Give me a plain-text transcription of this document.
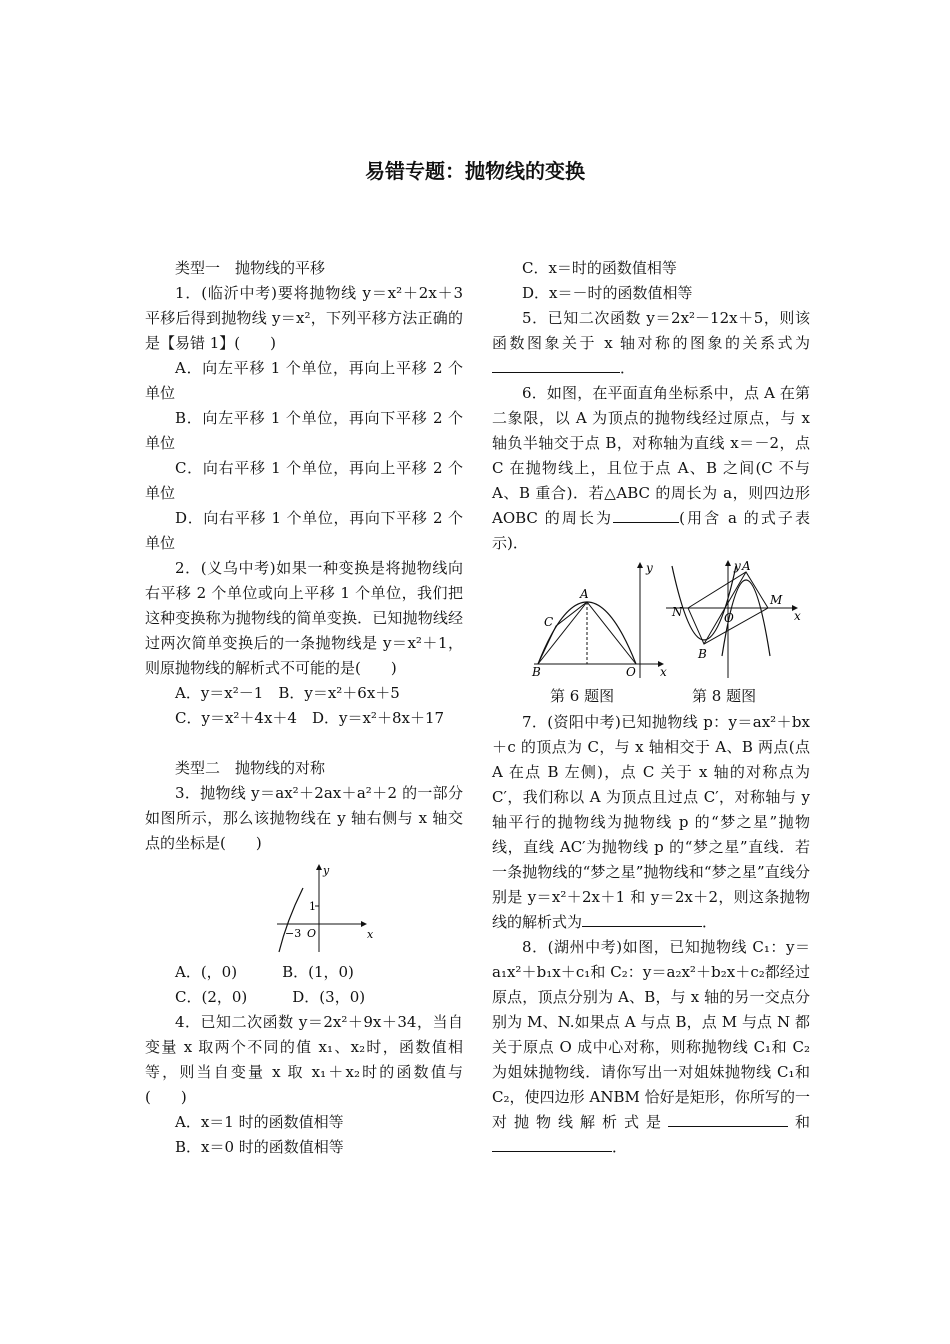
易错专题：抛物线的变换

类型一　抛物线的平移

1．(临沂中考)要将抛物线 y＝x²＋2x＋3 平移后得到抛物线 y＝x²，下列平移方法正确的是【易错 1】(　　)

A．向左平移 1 个单位，再向上平移 2 个单位

B．向左平移 1 个单位，再向下平移 2 个单位

C．向右平移 1 个单位，再向上平移 2 个单位

D．向右平移 1 个单位，再向下平移 2 个单位

2．(义乌中考)如果一种变换是将抛物线向右平移 2 个单位或向上平移 1 个单位，我们把这种变换称为抛物线的简单变换．已知抛物线经过两次简单变换后的一条抛物线是 y＝x²＋1，则原抛物线的解析式不可能的是(　　)

A．y＝x²－1　B．y＝x²＋6x＋5

C．y＝x²＋4x＋4　D．y＝x²＋8x＋17

类型二　抛物线的对称

3．抛物线 y＝ax²＋2ax＋a²＋2 的一部分如图所示，那么该抛物线在 y 轴右侧与 x 轴交点的坐标是(　　)

y
x
1
−3 O

A．(，0)　　　B．(1，0)

C．(2，0)　　　D．(3，0)

4．已知二次函数 y＝2x²＋9x＋34，当自变量 x 取两个不同的值 x₁、x₂时，函数值相等，则当自变量 x 取 x₁＋x₂时的函数值与(　　)

A．x＝1 时的函数值相等

B．x＝0 时的函数值相等

C．x＝时的函数值相等

D．x＝－时的函数值相等

5．已知二次函数 y＝2x²－12x＋5，则该函数图象关于 x 轴对称的图象的关系式为．

6．如图，在平面直角坐标系中，点 A 在第二象限，以 A 为顶点的抛物线经过原点，与 x 轴负半轴交于点 B，对称轴为直线 x＝－2，点 C 在抛物线上，且位于点 A、B 之间(C 不与 A、B 重合)．若△ABC 的周长为 a，则四边形 AOBC 的周长为	(用含 a 的式子表示)．

A
B
C
O x
y	A
B
N	O
M
x
y
第 6 题图	第 8 题图

7．(资阳中考)已知抛物线 p：y＝ax²＋bx＋c 的顶点为 C，与 x 轴相交于 A、B 两点(点 A 在点 B 左侧)，点 C 关于 x 轴的对称点为 C′，我们称以 A 为顶点且过点 C′，对称轴与 y 轴平行的抛物线为抛物线 p 的“梦之星”抛物线，直线 AC′为抛物线 p 的“梦之星”直线．若一条抛物线的“梦之星”抛物线和“梦之星”直线分别是 y＝x²＋2x＋1 和 y＝2x＋2，则这条抛物线的解析式为	．

8．(湖州中考)如图，已知抛物线 C₁：y＝a₁x²＋b₁x＋c₁和 C₂：y＝a₂x²＋b₂x＋c₂都经过原点，顶点分别为 A、B，与 x 轴的另一交点分别为 M、N.如果点 A 与点 B，点 M 与点 N 都关于原点 O 成中心对称，则称抛物线 C₁和 C₂为姐妹抛物线．请你写出一对姐妹抛物线 C₁和 C₂，使四边形 ANBM 恰好是矩形，你所写的一对抛物线解析式是	和．
